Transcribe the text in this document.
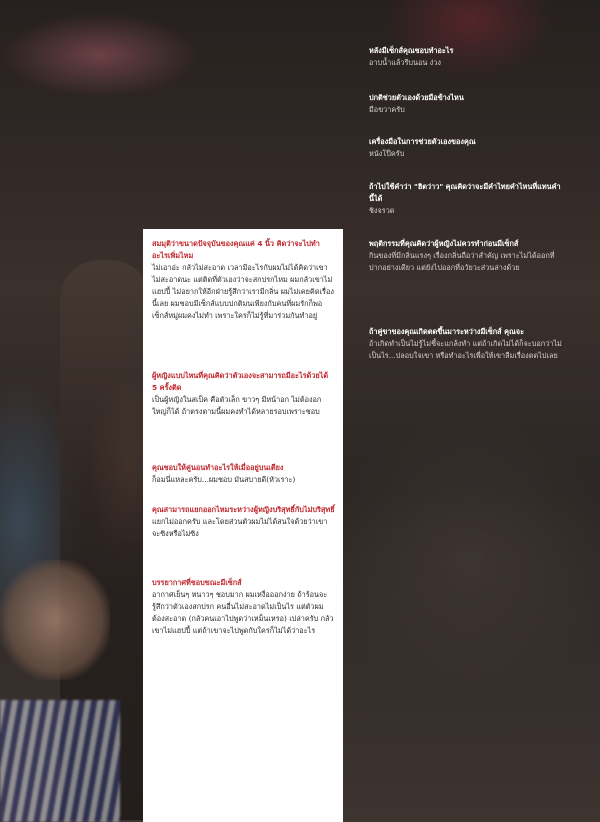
หลังมีเซ็กส์คุณชอบทำอะไร

อาบน้ำแล้วรีบนอน ง่วง

ปกติช่วยตัวเองด้วยมือข้างไหน

มือขวาครับ

เครื่องมือในการช่วยตัวเองของคุณ

หนังโป๊ครับ

ถ้าไปใช้คำว่า "ฮิตว่าว" คุณคิดว่าจะมีคำไทยคำไหนที่แทนคำนี้ได้

ชิงจรวด

พฤติกรรมที่คุณคิดว่าผู้หญิงไม่ควรทำก่อนมีเซ็กส์

กินของที่มีกลิ่นแรงๆ เรื่องกลิ่นถือว่าสำคัญ เพราะไม่ได้ออกที่ปากอย่างเดียว แต่ยังไปออกที่อวัยวะส่วนล่างด้วย

ถ้าคู่ขาของคุณเกิดตดขึ้นมาระหว่างมีเซ็กส์ คุณจะ

ถ้าเกิดทำเป็นไม่รู้ไม่ชี้จะแกล้งทำ แต่ถ้าเกิดไม่ได้ก็จะบอกว่าไม่เป็นไร...ปลอบใจเขา หรือทำอะไรเพื่อให้เขาลืมเรื่องตดไปเลย

สมมุติว่าขนาดปัจจุบันของคุณแค่ 4 นิ้ว คิดว่าจะไปทำอะไรเพิ่มไหม

ไม่เอาอ่ะ กลัวไม่สะอาด เวลามีอะไรกับผมไม่ได้คิดว่าเขาไม่สะอาดนะ แต่ติดที่ตัวเองว่าจะสกปรกไหม ผมกลัวเขาไม่แฮปปี้ ไม่อยากให้อีกฝ่ายรู้สึกว่าเรามีกลิ่น ผมไม่เคยคิดเรื่องนี้เลย ผมชอบมีเซ็กส์แบบปกติมนเพียงกับคนที่ผมรักก็พอ เซ็กส์หมู่ผมคงไม่ทำ เพราะใครก็ไม่รู้ที่มาร่วมกันทำอยู่

ผู้หญิงแบบไหนที่คุณคิดว่าตัวเองจะสามารถมีอะไรด้วยได้ 5 ครั้งติด

เป็นผู้หญิงในสเป็ค คือตัวเล็ก ขาวๆ มีหน้าอก ไม่ต้องอกใหญ่ก็ได้ ถ้าตรงตามนี้ผมคงทำได้หลายรอบเพราะชอบ

คุณชอบให้คู่นอนทำอะไรให้เมื่ออยู่บนเตียง

ก็อมนี่แหละครับ...ผมชอบ มันสบายดี(หัวเราะ)

คุณสามารถแยกออกไหมระหว่างผู้หญิงบริสุทธิ์กับไม่บริสุทธิ์

แยกไม่ออกครับ และโดยส่วนตัวผมไม่ได้สนใจด้วยว่าเขาจะซิงหรือไม่ซิง

บรรยากาศที่ชอบขณะมีเซ็กส์

อากาศเย็นๆ หนาวๆ ชอบมาก ผมเหงื่อออกง่าย ถ้าร้อนจะรู้สึกว่าตัวเองสกปรก คนอื่นไม่สะอาดไม่เป็นไร แต่ตัวผมต้องสะอาด (กลัวคนเอาไปพูดว่าเหม็นเหรอ) เปล่าครับ กลัวเขาไม่แฮปปี้ แต่ถ้าเขาจะไปพูดกับใครก็ไม่ได้ว่าอะไร
